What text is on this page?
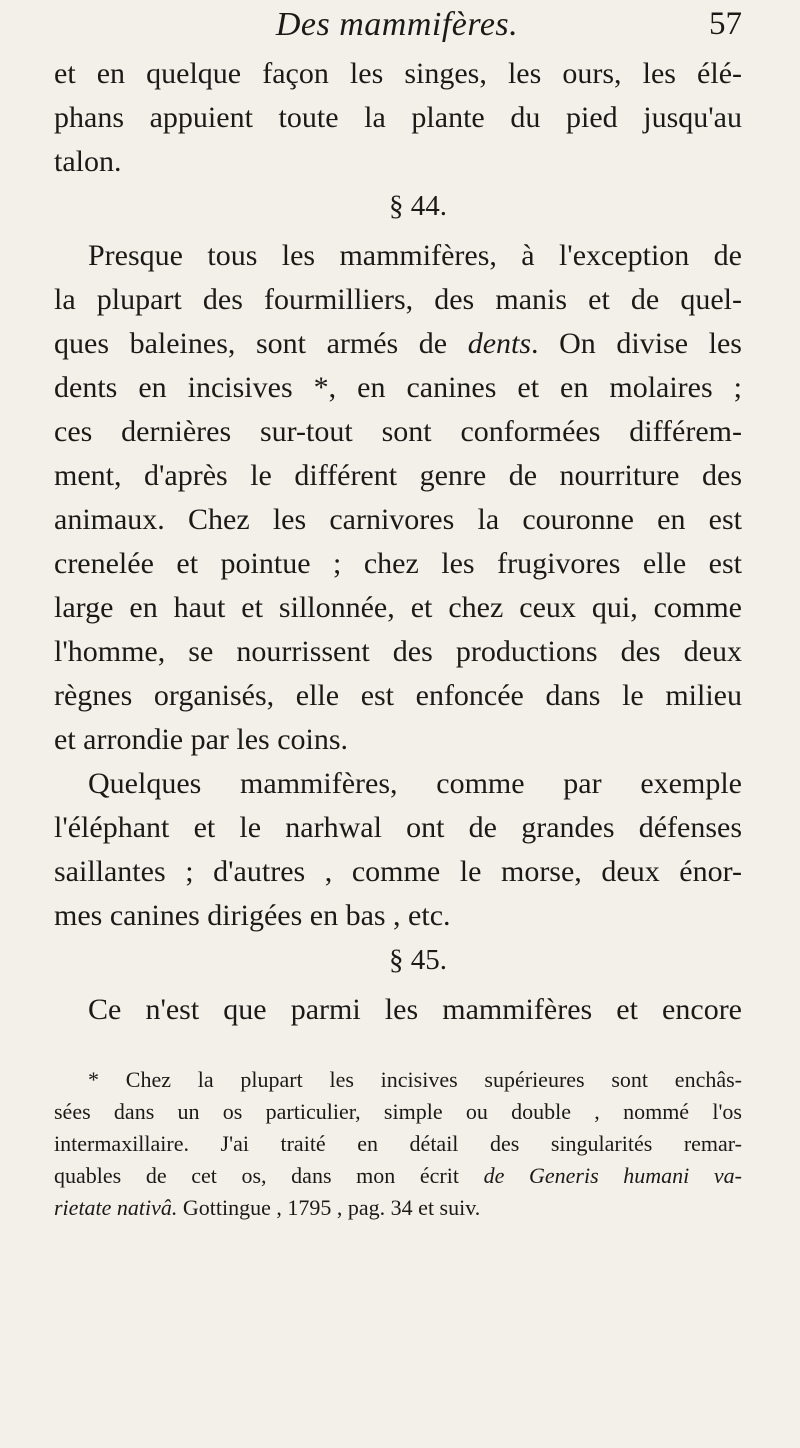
Des mammifères.	57
et en quelque façon les singes, les ours, les élé-
phans appuient toute la plante du pied jusqu'au
talon.
§ 44.
Presque tous les mammifères, à l'exception de
la plupart des fourmilliers, des manis et de quel-
ques baleines, sont armés de dents. On divise les
dents en incisives *, en canines et en molaires ;
ces dernières sur-tout sont conformées différem-
ment, d'après le différent genre de nourriture des
animaux. Chez les carnivores la couronne en est
crenelée et pointue ; chez les frugivores elle est
large en haut et sillonnée, et chez ceux qui, comme
l'homme, se nourrissent des productions des deux
règnes organisés, elle est enfoncée dans le milieu
et arrondie par les coins.
Quelques mammifères, comme par exemple
l'éléphant et le narhwal ont de grandes défenses
saillantes ; d'autres , comme le morse, deux énor-
mes canines dirigées en bas , etc.
§ 45.
Ce n'est que parmi les mammifères et encore
* Chez la plupart les incisives supérieures sont enchâs-
sées dans un os particulier, simple ou double , nommé l'os
intermaxillaire. J'ai traité en détail des singularités remar-
quables de cet os, dans mon écrit de Generis humani va-
rietate nativâ. Gottingue , 1795 , pag. 34 et suiv.
